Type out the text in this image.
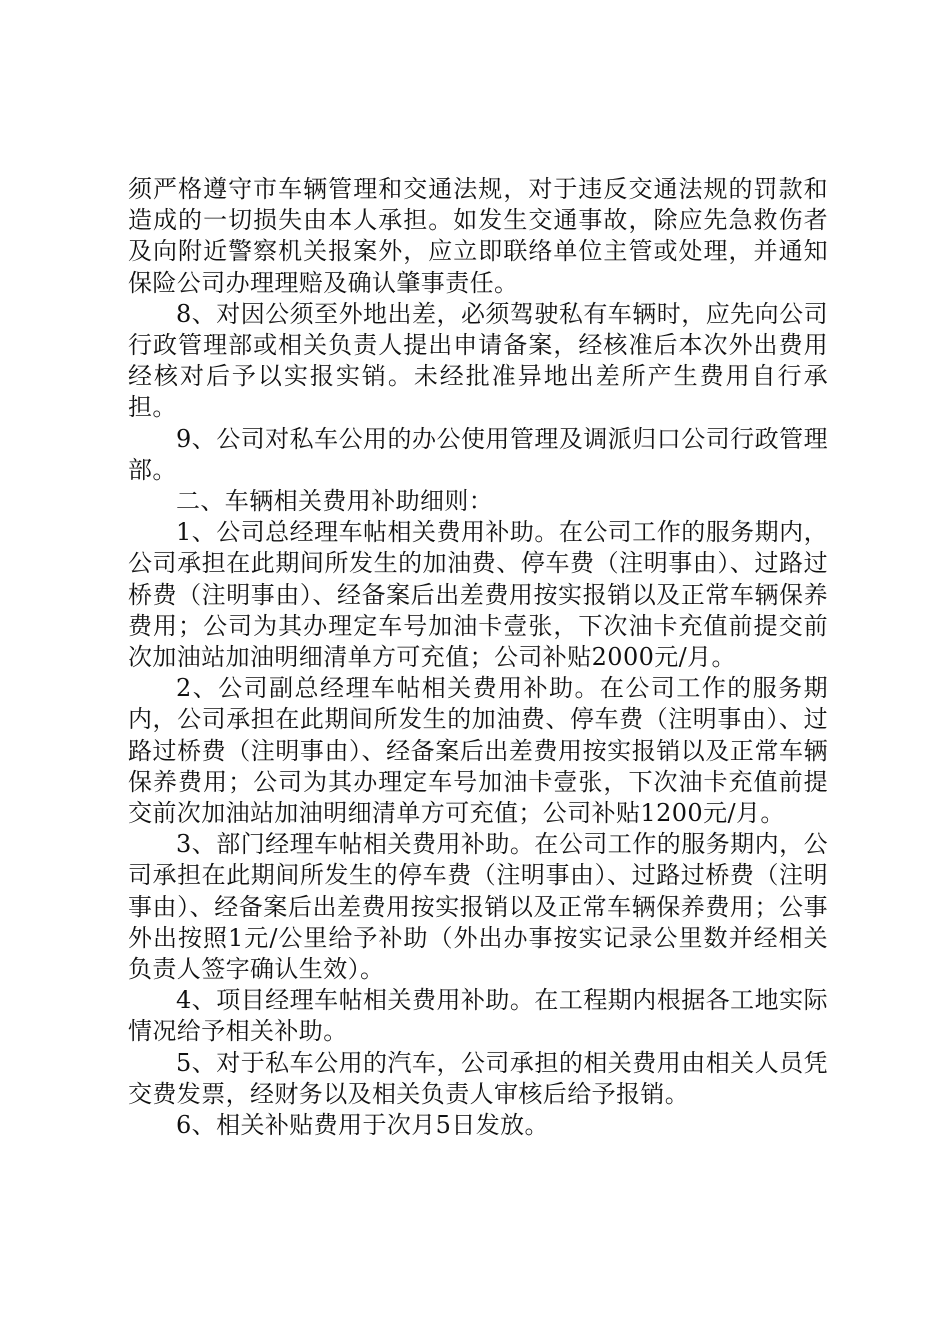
须严格遵守市车辆管理和交通法规，对于违反交通法规的罚款和造成的一切损失由本人承担。如发生交通事故，除应先急救伤者及向附近警察机关报案外，应立即联络单位主管或处理，并通知保险公司办理理赔及确认肇事责任。

8、对因公须至外地出差，必须驾驶私有车辆时，应先向公司行政管理部或相关负责人提出申请备案，经核准后本次外出费用经核对后予以实报实销。未经批准异地出差所产生费用自行承担。

9、公司对私车公用的办公使用管理及调派归口公司行政管理部。

二、车辆相关费用补助细则：

1、公司总经理车帖相关费用补助。在公司工作的服务期内，公司承担在此期间所发生的加油费、停车费（注明事由）、过路过桥费（注明事由）、经备案后出差费用按实报销以及正常车辆保养费用；公司为其办理定车号加油卡壹张，下次油卡充值前提交前次加油站加油明细清单方可充值；公司补贴2000元/月。

2、公司副总经理车帖相关费用补助。在公司工作的服务期内，公司承担在此期间所发生的加油费、停车费（注明事由）、过路过桥费（注明事由）、经备案后出差费用按实报销以及正常车辆保养费用；公司为其办理定车号加油卡壹张，下次油卡充值前提交前次加油站加油明细清单方可充值；公司补贴1200元/月。

3、部门经理车帖相关费用补助。在公司工作的服务期内，公司承担在此期间所发生的停车费（注明事由）、过路过桥费（注明事由）、经备案后出差费用按实报销以及正常车辆保养费用；公事外出按照1元/公里给予补助（外出办事按实记录公里数并经相关负责人签字确认生效）。

4、项目经理车帖相关费用补助。在工程期内根据各工地实际情况给予相关补助。

5、对于私车公用的汽车，公司承担的相关费用由相关人员凭交费发票，经财务以及相关负责人审核后给予报销。

6、相关补贴费用于次月5日发放。
